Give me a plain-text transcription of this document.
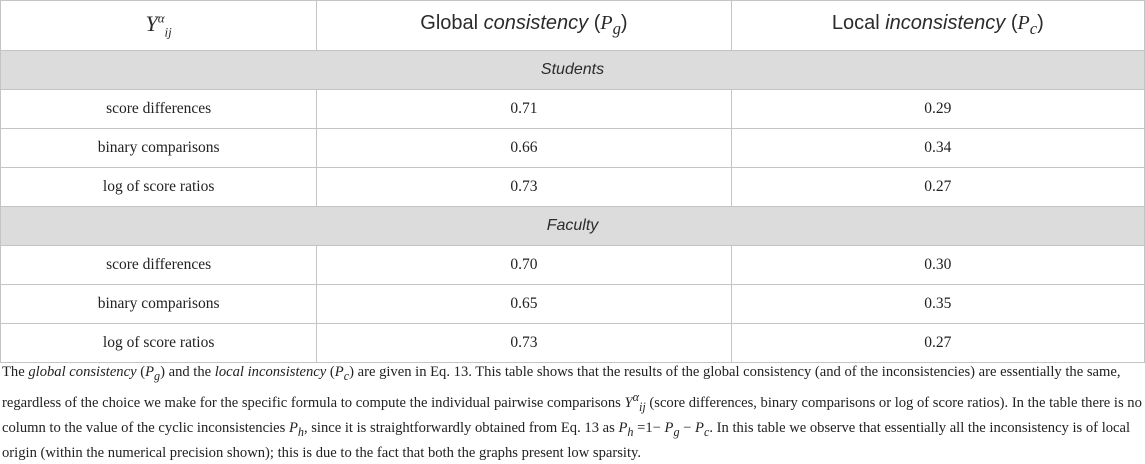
$Y^\alpha_{ij}$	Global consistency $(P_g)$	Local inconsistency $(P_c)$
Students		
score differences	0.71	0.29
binary comparisons	0.66	0.34
log of score ratios	0.73	0.27
Faculty		
score differences	0.70	0.30
binary comparisons	0.65	0.35
log of score ratios	0.73	0.27
The global consistency $(P_g)$ and the local inconsistency $(P_c)$ are given in Eq. 13. This table shows that the results of the global consistency (and of the inconsistencies) are essentially the same, regardless of the choice we make for the specific formula to compute the individual pairwise comparisons $Y^\alpha_{ij}$ (score differences, binary comparisons or log of score ratios). In the table there is no column to the value of the cyclic inconsistencies $P_h$, since it is straightforwardly obtained from Eq. 13 as $P_h =1- P_g - P_c$. In this table we observe that essentially all the inconsistency is of local origin (within the numerical precision shown); this is due to the fact that both the graphs present low sparsity.
